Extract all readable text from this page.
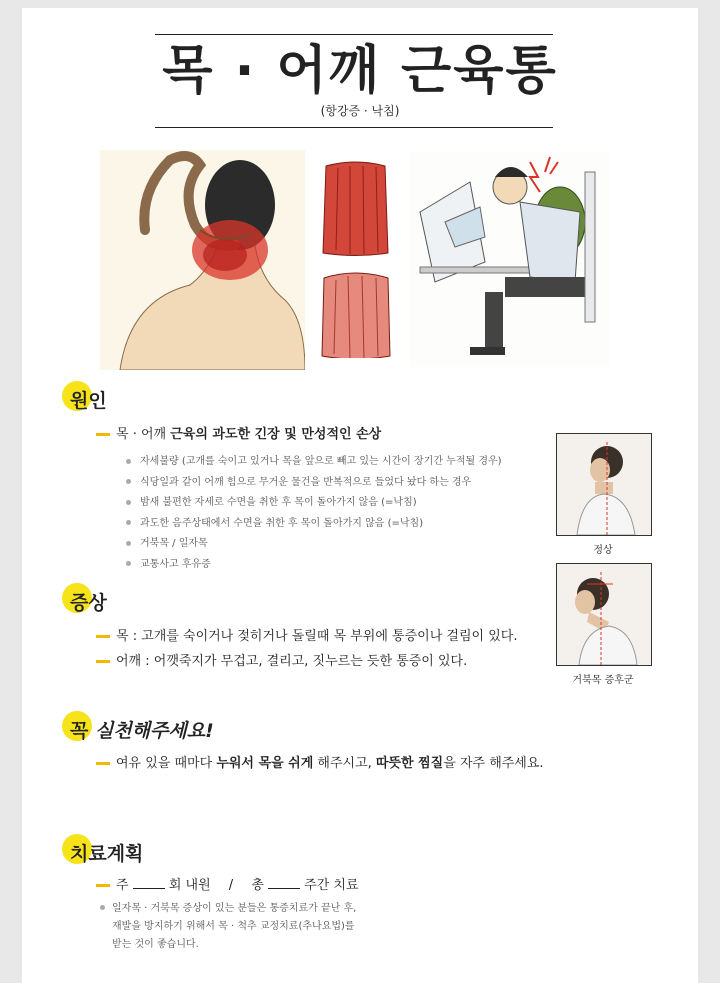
목 · 어깨 근육통
(항강증 · 낙침)
원인
목 · 어깨 근육의 과도한 긴장 및 만성적인 손상
자세불량 (고개를 숙이고 있거나 목을 앞으로 빼고 있는 시간이 장기간 누적될 경우)
식당일과 같이 어깨 힘으로 무거운 물건을 반복적으로 들었다 놨다 하는 경우
밤새 불편한 자세로 수면을 취한 후 목이 돌아가지 않음 (=낙침)
과도한 음주상태에서 수면을 취한 후 목이 돌아가지 않음 (=낙침)
거북목 / 일자목
교통사고 후유증
정상
거북목 증후군
증상
목 : 고개를 숙이거나 젖히거나 돌릴때 목 부위에 통증이나 걸림이 있다.
어깨 : 어깻죽지가 무겁고, 결리고, 짓누르는 듯한 통증이 있다.
꼭 실천해주세요!
여유 있을 때마다 누워서 목을 쉬게 해주시고, 따뜻한 찜질을 자주 해주세요.
치료계획
주	회 내원 / 총	주간 치료
일자목 · 거북목 증상이 있는 분들은 통증치료가 끝난 후,
재발을 방지하기 위해서 목 · 척추 교정치료(추나요법)를
받는 것이 좋습니다.
